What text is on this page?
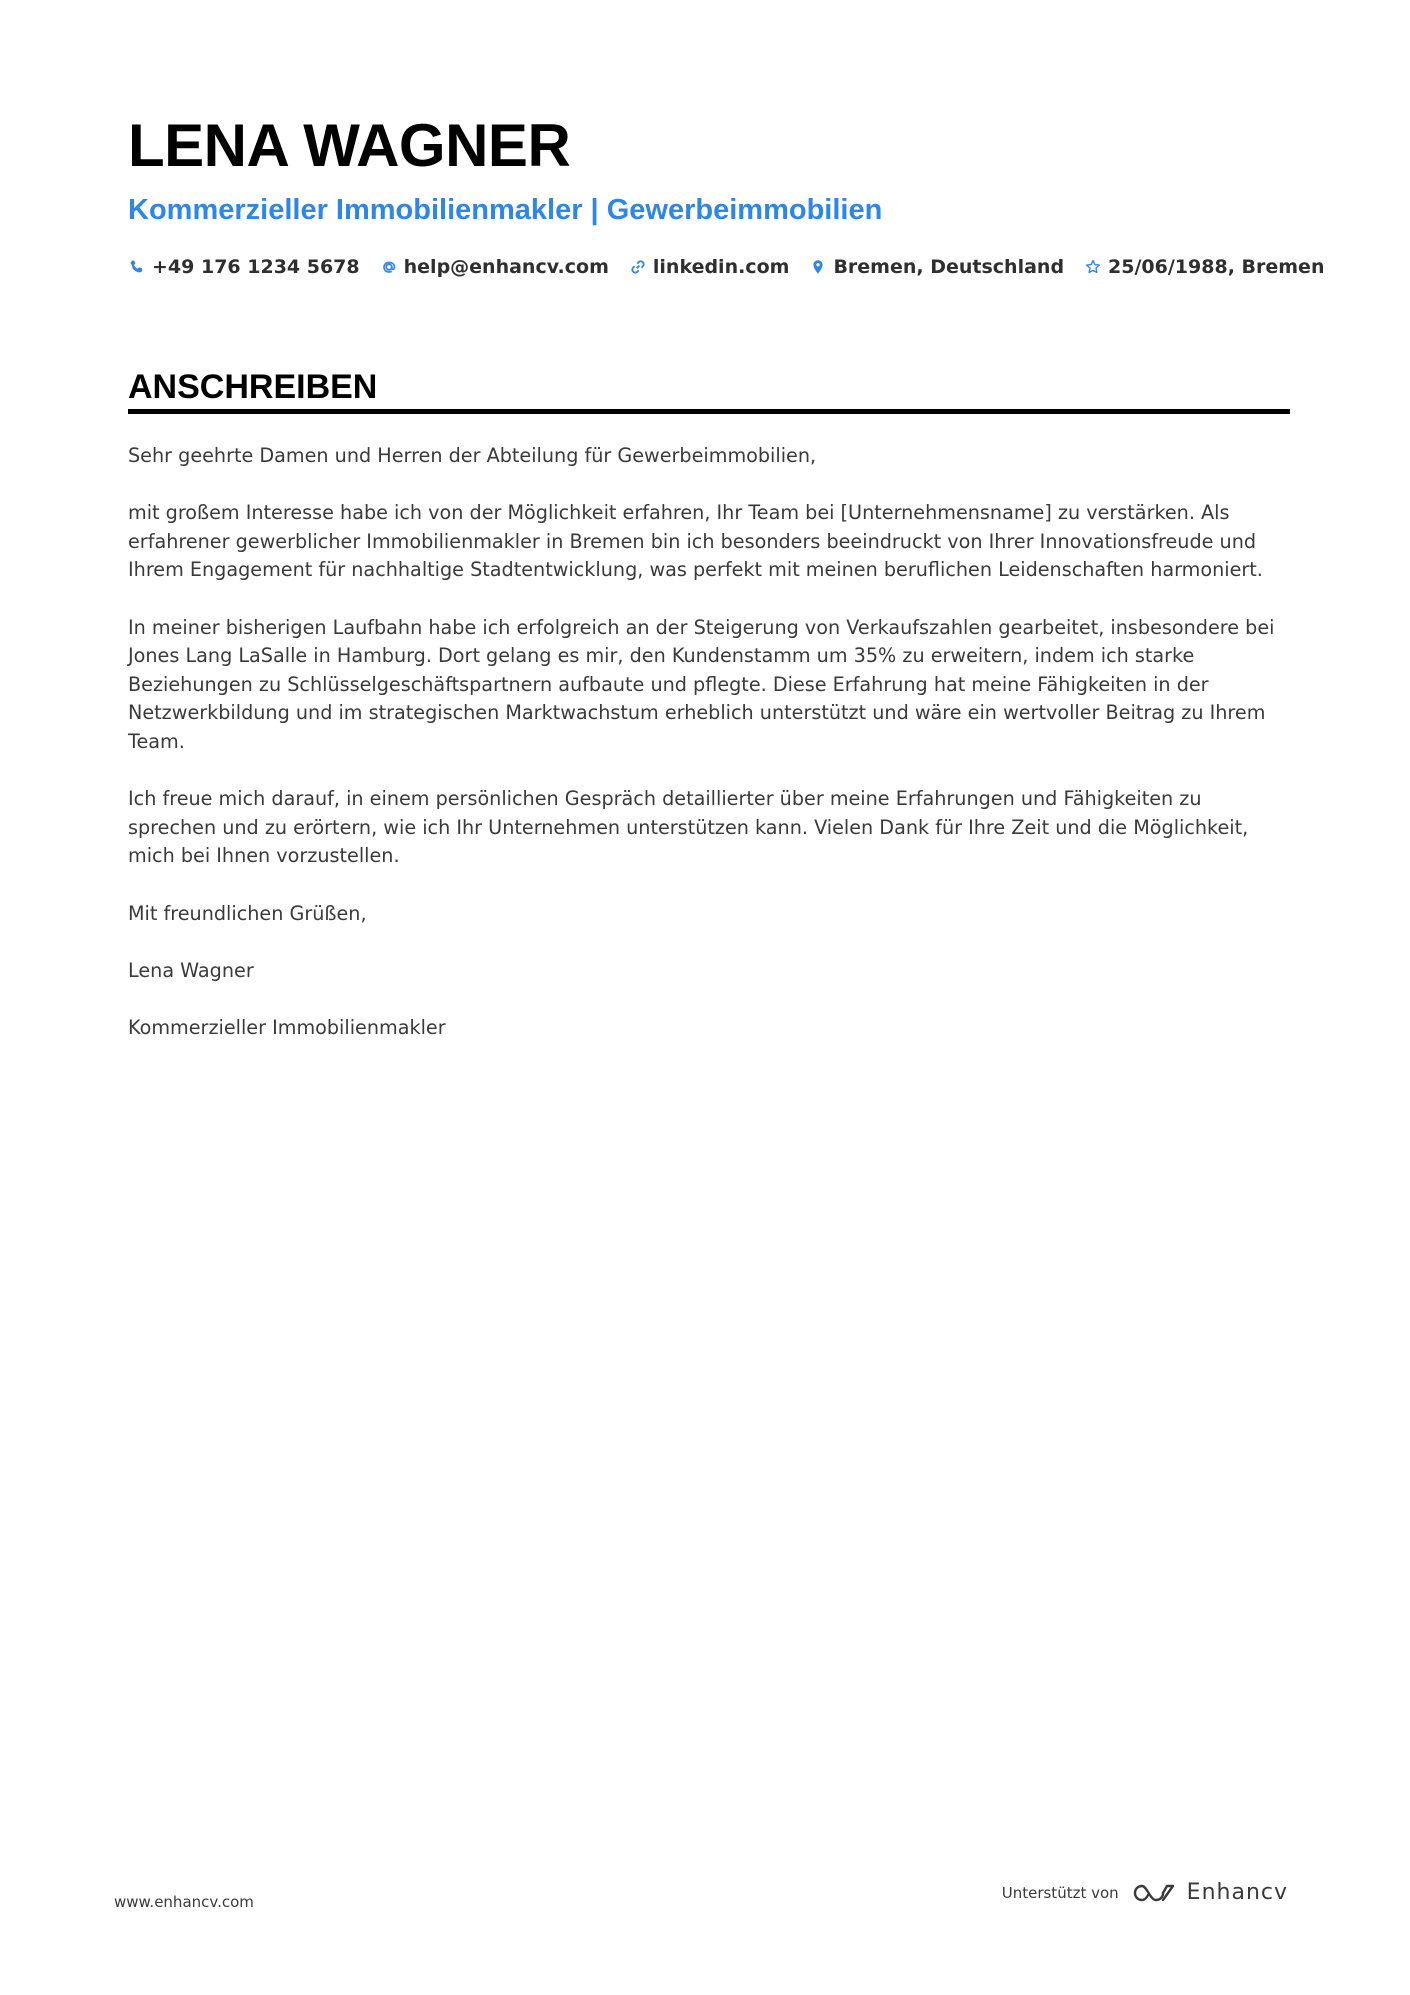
LENA WAGNER
Kommerzieller Immobilienmakler | Gewerbeimmobilien
+49 176 1234 5678 help@enhancv.com linkedin.com Bremen, Deutschland 25/06/1988, Bremen
ANSCHREIBEN

Sehr geehrte Damen und Herren der Abteilung für Gewerbeimmobilien,

mit großem Interesse habe ich von der Möglichkeit erfahren, Ihr Team bei [Unternehmensname] zu verstärken. Als erfahrener gewerblicher Immobilienmakler in Bremen bin ich besonders beeindruckt von Ihrer Innovationsfreude und Ihrem Engagement für nachhaltige Stadtentwicklung, was perfekt mit meinen beruflichen Leidenschaften harmoniert.

In meiner bisherigen Laufbahn habe ich erfolgreich an der Steigerung von Verkaufszahlen gearbeitet, insbesondere bei Jones Lang LaSalle in Hamburg. Dort gelang es mir, den Kundenstamm um 35% zu erweitern, indem ich starke Beziehungen zu Schlüsselgeschäftspartnern aufbaute und pflegte. Diese Erfahrung hat meine Fähigkeiten in der Netzwerkbildung und im strategischen Marktwachstum erheblich unterstützt und wäre ein wertvoller Beitrag zu Ihrem Team.

Ich freue mich darauf, in einem persönlichen Gespräch detaillierter über meine Erfahrungen und Fähigkeiten zu sprechen und zu erörtern, wie ich Ihr Unternehmen unterstützen kann. Vielen Dank für Ihre Zeit und die Möglichkeit, mich bei Ihnen vorzustellen.

Mit freundlichen Grüßen,

Lena Wagner

Kommerzieller Immobilienmakler

www.enhancv.com
Unterstützt von	Enhancv
